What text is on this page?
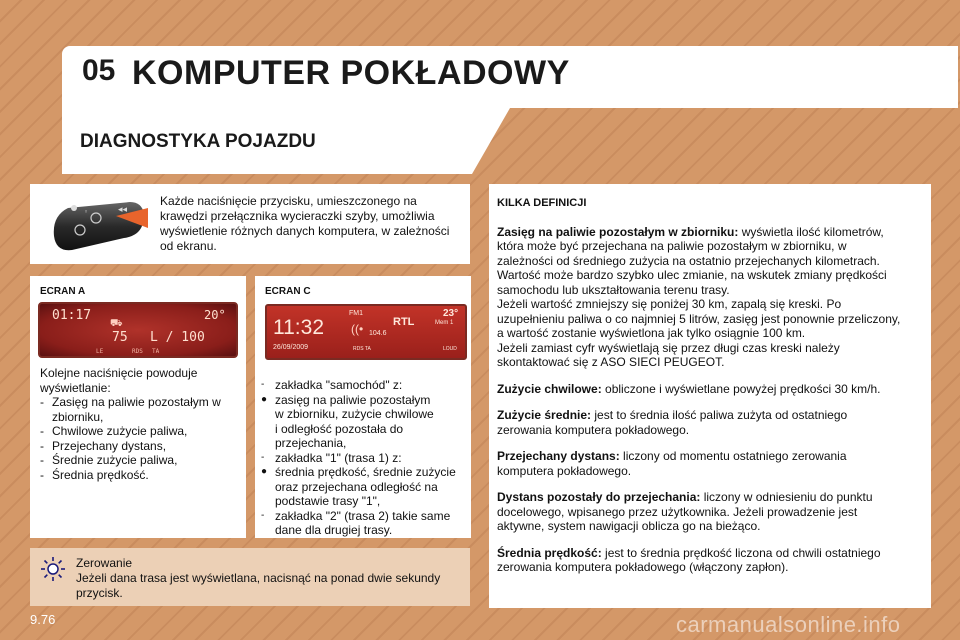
05 KOMPUTER POKŁADOWY
DIAGNOSTYKA POJAZDU
◦	◂◂
Każde naciśnięcie przycisku, umieszczonego na
krawędzi przełącznika wycieraczki szyby, umożliwia
wyświetlenie różnych danych komputera, w zależności
od ekranu.
ECRAN A
01:17	20°
⛟
75 L / 100
LE	RDS TA
Kolejne naciśnięcie powoduje
wyświetlanie:
- Zasięg na paliwie pozostałym w
zbiorniku,
- Chwilowe zużycie paliwa,
- Przejechany dystans,
- Średnie zużycie paliwa,
- Średnia prędkość.
ECRAN C
11:32
26/09/2009
FM1
RTL
23°
Mem 1
((• 104.6
RDS TA	LOUD
- zakładka "samochód" z:
● zasięg na paliwie pozostałym
w zbiorniku, zużycie chwilowe
i odległość pozostała do
przejechania,
- zakładka "1" (trasa 1) z:
● średnia prędkość, średnie zużycie
oraz przejechana odległość na
podstawie trasy "1",
- zakładka "2" (trasa 2) takie same
dane dla drugiej trasy.
Zerowanie
Jeżeli dana trasa jest wyświetlana, nacisnąć na ponad dwie sekundy
przycisk.
KILKA DEFINICJI

Zasięg na paliwie pozostałym w zbiorniku: wyświetla ilość kilometrów,
która może być przejechana na paliwie pozostałym w zbiorniku, w
zależności od średniego zużycia na ostatnio przejechanych kilometrach.
Wartość może bardzo szybko ulec zmianie, na wskutek zmiany prędkości
samochodu lub ukształtowania terenu trasy.
Jeżeli wartość zmniejszy się poniżej 30 km, zapalą się kreski. Po
uzupełnieniu paliwa o co najmniej 5 litrów, zasięg jest ponownie przeliczony,
a wartość zostanie wyświetlona jak tylko osiągnie 100 km.
Jeżeli zamiast cyfr wyświetlają się przez długi czas kreski należy
skontaktować się z ASO SIECI PEUGEOT.

Zużycie chwilowe: obliczone i wyświetlane powyżej prędkości 30 km/h.

Zużycie średnie: jest to średnia ilość paliwa zużyta od ostatniego
zerowania komputera pokładowego.

Przejechany dystans: liczony od momentu ostatniego zerowania
komputera pokładowego.

Dystans pozostały do przejechania: liczony w odniesieniu do punktu
docelowego, wpisanego przez użytkownika. Jeżeli prowadzenie jest
aktywne, system nawigacji oblicza go na bieżąco.

Średnia prędkość: jest to średnia prędkość liczona od chwili ostatniego
zerowania komputera pokładowego (włączony zapłon).

9.76	carmanualsonline.info
